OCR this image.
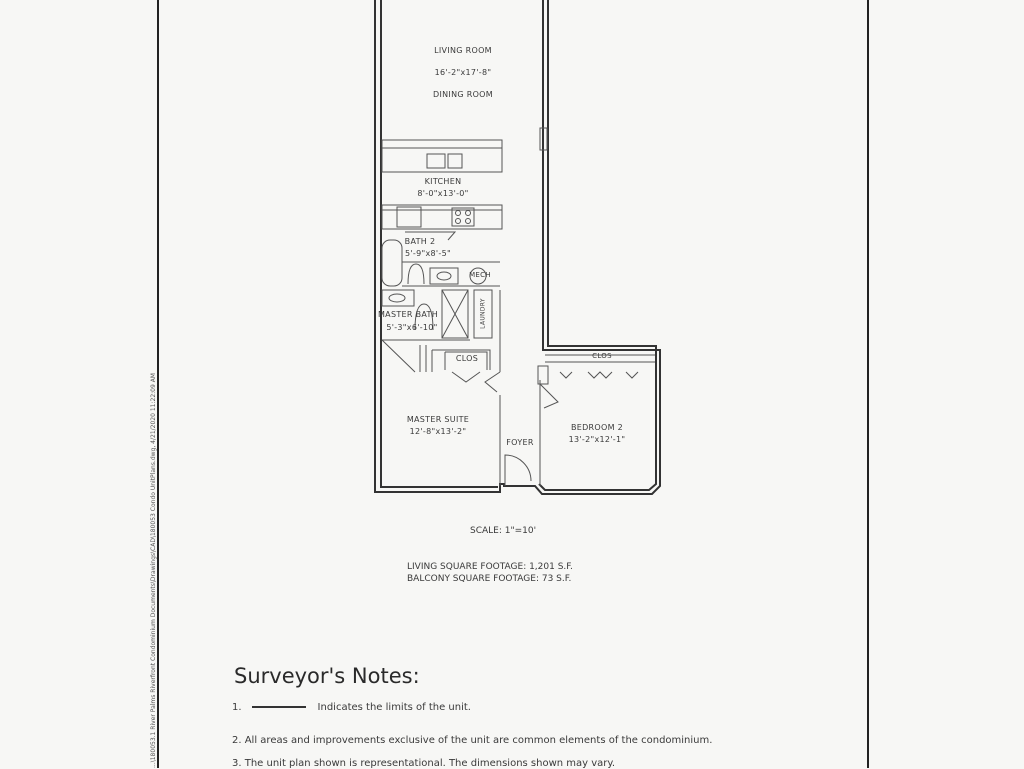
...\180053.1 River Palms Riverfront Condominium Documents\Drawings\CAD\180053 Condo UnitPlans.dwg, 4/21/2020 11:22:09 AM
LIVING ROOM
16'-2"x17'-8"
DINING ROOM
KITCHEN
8'-0"x13'-0"
BATH 2
5'-9"x8'-5"
MECH
LAUNDRY
MASTER BATH
5'-3"x6'-10"
CLOS	CLOS
MASTER SUITE
12'-8"x13'-2"
FOYER
BEDROOM 2
13'-2"x12'-1"
SCALE: 1"=10'
LIVING SQUARE FOOTAGE: 1,201 S.F.
BALCONY SQUARE FOOTAGE: 73 S.F.
Surveyor's Notes:
1.	Indicates the limits of the unit.
2. All areas and improvements exclusive of the unit are common elements of the condominium.
3. The unit plan shown is representational. The dimensions shown may vary.
